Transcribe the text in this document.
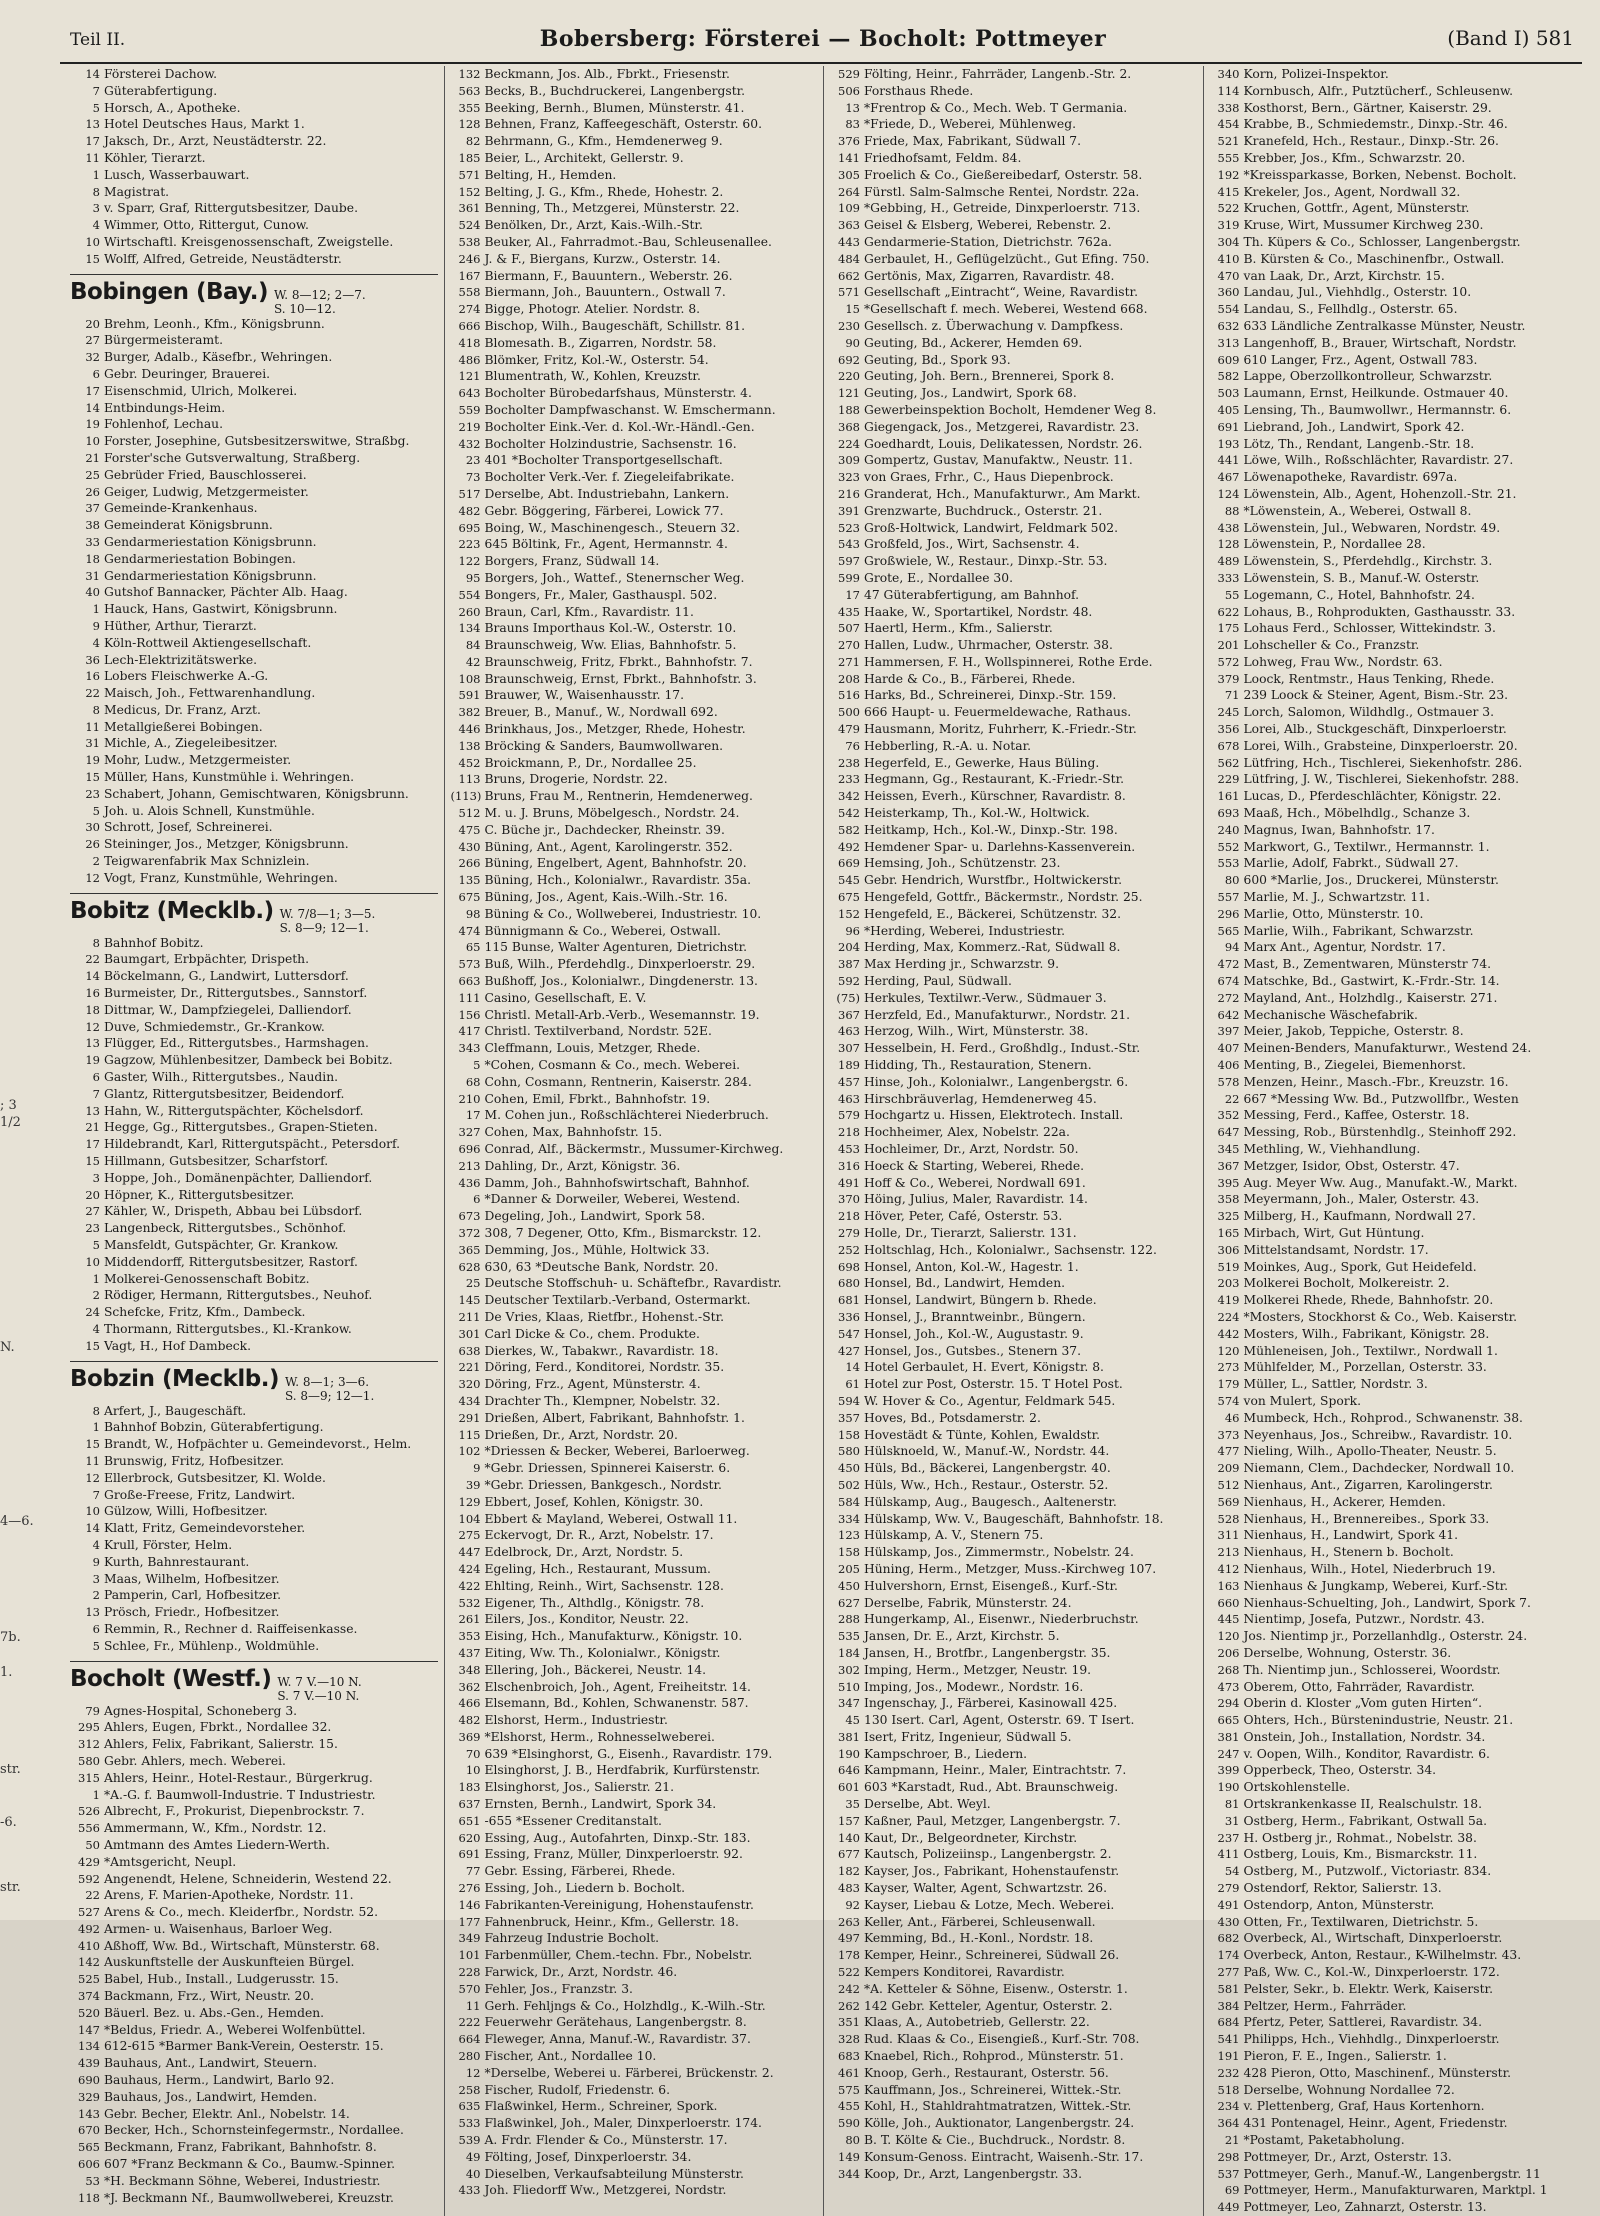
; 3
1/2
N.
4—6.
7b.
1.
str.
-6.
str.
Teil II.	Bobersberg: Försterei — Bocholt: Pottmeyer	(Band I) 581
14 Försterei Dachow.
7 Güterabfertigung.
5 Horsch, A., Apotheke.
13 Hotel Deutsches Haus, Markt 1.
17 Jaksch, Dr., Arzt, Neustädterstr. 22.
11 Köhler, Tierarzt.
1 Lusch, Wasserbauwart.
8 Magistrat.
3 v. Sparr, Graf, Rittergutsbesitzer, Daube.
4 Wimmer, Otto, Rittergut, Cunow.
10 Wirtschaftl. Kreisgenossenschaft, Zweigstelle.
15 Wolff, Alfred, Getreide, Neustädterstr.
Bobingen (Bay.) W. 8—12; 2—7.
S. 10—12.
20 Brehm, Leonh., Kfm., Königsbrunn.
27 Bürgermeisteramt.
32 Burger, Adalb., Käsefbr., Wehringen.
6 Gebr. Deuringer, Brauerei.
17 Eisenschmid, Ulrich, Molkerei.
14 Entbindungs-Heim.
19 Fohlenhof, Lechau.
10 Forster, Josephine, Gutsbesitzerswitwe, Straßbg.
21 Forster'sche Gutsverwaltung, Straßberg.
25 Gebrüder Fried, Bauschlosserei.
26 Geiger, Ludwig, Metzgermeister.
37 Gemeinde-Krankenhaus.
38 Gemeinderat Königsbrunn.
33 Gendarmeriestation Königsbrunn.
18 Gendarmeriestation Bobingen.
31 Gendarmeriestation Königsbrunn.
40 Gutshof Bannacker, Pächter Alb. Haag.
1 Hauck, Hans, Gastwirt, Königsbrunn.
9 Hüther, Arthur, Tierarzt.
4 Köln-Rottweil Aktiengesellschaft.
36 Lech-Elektrizitätswerke.
16 Lobers Fleischwerke A.-G.
22 Maisch, Joh., Fettwarenhandlung.
8 Medicus, Dr. Franz, Arzt.
11 Metallgießerei Bobingen.
31 Michle, A., Ziegeleibesitzer.
19 Mohr, Ludw., Metzgermeister.
15 Müller, Hans, Kunstmühle i. Wehringen.
23 Schabert, Johann, Gemischtwaren, Königsbrunn.
5 Joh. u. Alois Schnell, Kunstmühle.
30 Schrott, Josef, Schreinerei.
26 Steininger, Jos., Metzger, Königsbrunn.
2 Teigwarenfabrik Max Schnizlein.
12 Vogt, Franz, Kunstmühle, Wehringen.
Bobitz (Mecklb.) W. 7/8—1; 3—5.
S. 8—9; 12—1.
8 Bahnhof Bobitz.
22 Baumgart, Erbpächter, Drispeth.
14 Böckelmann, G., Landwirt, Luttersdorf.
16 Burmeister, Dr., Rittergutsbes., Sannstorf.
18 Dittmar, W., Dampfziegelei, Dalliendorf.
12 Duve, Schmiedemstr., Gr.-Krankow.
13 Flügger, Ed., Rittergutsbes., Harmshagen.
19 Gagzow, Mühlenbesitzer, Dambeck bei Bobitz.
6 Gaster, Wilh., Rittergutsbes., Naudin.
7 Glantz, Rittergutsbesitzer, Beidendorf.
13 Hahn, W., Rittergutspächter, Köchelsdorf.
21 Hegge, Gg., Rittergutsbes., Grapen-Stieten.
17 Hildebrandt, Karl, Rittergutspächt., Petersdorf.
15 Hillmann, Gutsbesitzer, Scharfstorf.
3 Hoppe, Joh., Domänenpächter, Dalliendorf.
20 Höpner, K., Rittergutsbesitzer.
27 Kähler, W., Drispeth, Abbau bei Lübsdorf.
23 Langenbeck, Rittergutsbes., Schönhof.
5 Mansfeldt, Gutspächter, Gr. Krankow.
10 Middendorff, Rittergutsbesitzer, Rastorf.
1 Molkerei-Genossenschaft Bobitz.
2 Rödiger, Hermann, Rittergutsbes., Neuhof.
24 Schefcke, Fritz, Kfm., Dambeck.
4 Thormann, Rittergutsbes., Kl.-Krankow.
15 Vagt, H., Hof Dambeck.
Bobzin (Mecklb.) W. 8—1; 3—6.
S. 8—9; 12—1.
8 Arfert, J., Baugeschäft.
1 Bahnhof Bobzin, Güterabfertigung.
15 Brandt, W., Hofpächter u. Gemeindevorst., Helm.
11 Brunswig, Fritz, Hofbesitzer.
12 Ellerbrock, Gutsbesitzer, Kl. Wolde.
7 Große-Freese, Fritz, Landwirt.
10 Gülzow, Willi, Hofbesitzer.
14 Klatt, Fritz, Gemeindevorsteher.
4 Krull, Förster, Helm.
9 Kurth, Bahnrestaurant.
3 Maas, Wilhelm, Hofbesitzer.
2 Pamperin, Carl, Hofbesitzer.
13 Prösch, Friedr., Hofbesitzer.
6 Remmin, R., Rechner d. Raiffeisenkasse.
5 Schlee, Fr., Mühlenp., Woldmühle.
Bocholt (Westf.) W. 7 V.—10 N.
S. 7 V.—10 N.
79 Agnes-Hospital, Schoneberg 3.
295 Ahlers, Eugen, Fbrkt., Nordallee 32.
312 Ahlers, Felix, Fabrikant, Salierstr. 15.
580 Gebr. Ahlers, mech. Weberei.
315 Ahlers, Heinr., Hotel-Restaur., Bürgerkrug.
1 *A.-G. f. Baumwoll-Industrie. T Industriestr.
526 Albrecht, F., Prokurist, Diepenbrockstr. 7.
556 Ammermann, W., Kfm., Nordstr. 12.
50 Amtmann des Amtes Liedern-Werth.
429 *Amtsgericht, Neupl.
592 Angenendt, Helene, Schneiderin, Westend 22.
22 Arens, F. Marien-Apotheke, Nordstr. 11.
527 Arens & Co., mech. Kleiderfbr., Nordstr. 52.
492 Armen- u. Waisenhaus, Barloer Weg.
410 Aßhoff, Ww. Bd., Wirtschaft, Münsterstr. 68.
142 Auskunftstelle der Auskunfteien Bürgel.
525 Babel, Hub., Install., Ludgerusstr. 15.
374 Backmann, Frz., Wirt, Neustr. 20.
520 Bäuerl. Bez. u. Abs.-Gen., Hemden.
147 *Beldus, Friedr. A., Weberei Wolfenbüttel.
134 612-615 *Barmer Bank-Verein, Oesterstr. 15.
439 Bauhaus, Ant., Landwirt, Steuern.
690 Bauhaus, Herm., Landwirt, Barlo 92.
329 Bauhaus, Jos., Landwirt, Hemden.
143 Gebr. Becher, Elektr. Anl., Nobelstr. 14.
670 Becker, Hch., Schornsteinfegermstr., Nordallee.
565 Beckmann, Franz, Fabrikant, Bahnhofstr. 8.
606 607 *Franz Beckmann & Co., Baumw.-Spinner.
53 *H. Beckmann Söhne, Weberei, Industriestr.
118 *J. Beckmann Nf., Baumwollweberei, Kreuzstr.
132 Beckmann, Jos. Alb., Fbrkt., Friesenstr.
563 Becks, B., Buchdruckerei, Langenbergstr.
355 Beeking, Bernh., Blumen, Münsterstr. 41.
128 Behnen, Franz, Kaffeegeschäft, Osterstr. 60.
82 Behrmann, G., Kfm., Hemdenerweg 9.
185 Beier, L., Architekt, Gellerstr. 9.
571 Belting, H., Hemden.
152 Belting, J. G., Kfm., Rhede, Hohestr. 2.
361 Benning, Th., Metzgerei, Münsterstr. 22.
524 Benölken, Dr., Arzt, Kais.-Wilh.-Str.
538 Beuker, Al., Fahrradmot.-Bau, Schleusenallee.
246 J. & F., Biergans, Kurzw., Osterstr. 14.
167 Biermann, F., Bauuntern., Weberstr. 26.
558 Biermann, Joh., Bauuntern., Ostwall 7.
274 Bigge, Photogr. Atelier. Nordstr. 8.
666 Bischop, Wilh., Baugeschäft, Schillstr. 81.
418 Blomesath. B., Zigarren, Nordstr. 58.
486 Blömker, Fritz, Kol.-W., Osterstr. 54.
121 Blumentrath, W., Kohlen, Kreuzstr.
643 Bocholter Bürobedarfshaus, Münsterstr. 4.
559 Bocholter Dampfwaschanst. W. Emschermann.
219 Bocholter Eink.-Ver. d. Kol.-Wr.-Händl.-Gen.
432 Bocholter Holzindustrie, Sachsenstr. 16.
23 401 *Bocholter Transportgesellschaft.
73 Bocholter Verk.-Ver. f. Ziegeleifabrikate.
517 Derselbe, Abt. Industriebahn, Lankern.
482 Gebr. Böggering, Färberei, Lowick 77.
695 Boing, W., Maschinengesch., Steuern 32.
223 645 Böltink, Fr., Agent, Hermannstr. 4.
122 Borgers, Franz, Südwall 14.
95 Borgers, Joh., Wattef., Stenernscher Weg.
554 Bongers, Fr., Maler, Gasthauspl. 502.
260 Braun, Carl, Kfm., Ravardistr. 11.
134 Brauns Importhaus Kol.-W., Osterstr. 10.
84 Braunschweig, Ww. Elias, Bahnhofstr. 5.
42 Braunschweig, Fritz, Fbrkt., Bahnhofstr. 7.
108 Braunschweig, Ernst, Fbrkt., Bahnhofstr. 3.
591 Brauwer, W., Waisenhausstr. 17.
382 Breuer, B., Manuf., W., Nordwall 692.
446 Brinkhaus, Jos., Metzger, Rhede, Hohestr.
138 Bröcking & Sanders, Baumwollwaren.
452 Broickmann, P., Dr., Nordallee 25.
113 Bruns, Drogerie, Nordstr. 22.
(113) Bruns, Frau M., Rentnerin, Hemdenerweg.
512 M. u. J. Bruns, Möbelgesch., Nordstr. 24.
475 C. Büche jr., Dachdecker, Rheinstr. 39.
430 Büning, Ant., Agent, Karolingerstr. 352.
266 Büning, Engelbert, Agent, Bahnhofstr. 20.
135 Büning, Hch., Kolonialwr., Ravardistr. 35a.
675 Büning, Jos., Agent, Kais.-Wilh.-Str. 16.
98 Büning & Co., Wollweberei, Industriestr. 10.
474 Bünnigmann & Co., Weberei, Ostwall.
65 115 Bunse, Walter Agenturen, Dietrichstr.
573 Buß, Wilh., Pferdehdlg., Dinxperloerstr. 29.
663 Bußhoff, Jos., Kolonialwr., Dingdenerstr. 13.
111 Casino, Gesellschaft, E. V.
156 Christl. Metall-Arb.-Verb., Wesemannstr. 19.
417 Christl. Textilverband, Nordstr. 52E.
343 Cleffmann, Louis, Metzger, Rhede.
5 *Cohen, Cosmann & Co., mech. Weberei.
68 Cohn, Cosmann, Rentnerin, Kaiserstr. 284.
210 Cohen, Emil, Fbrkt., Bahnhofstr. 19.
17 M. Cohen jun., Roßschlächterei Niederbruch.
327 Cohen, Max, Bahnhofstr. 15.
696 Conrad, Alf., Bäckermstr., Mussumer-Kirchweg.
213 Dahling, Dr., Arzt, Königstr. 36.
436 Damm, Joh., Bahnhofswirtschaft, Bahnhof.
6 *Danner & Dorweiler, Weberei, Westend.
673 Degeling, Joh., Landwirt, Spork 58.
372 308, 7 Degener, Otto, Kfm., Bismarckstr. 12.
365 Demming, Jos., Mühle, Holtwick 33.
628 630, 63 *Deutsche Bank, Nordstr. 20.
25 Deutsche Stoffschuh- u. Schäftefbr., Ravardistr.
145 Deutscher Textilarb.-Verband, Ostermarkt.
211 De Vries, Klaas, Rietfbr., Hohenst.-Str.
301 Carl Dicke & Co., chem. Produkte.
638 Dierkes, W., Tabakwr., Ravardistr. 18.
221 Döring, Ferd., Konditorei, Nordstr. 35.
320 Döring, Frz., Agent, Münsterstr. 4.
434 Drachter Th., Klempner, Nobelstr. 32.
291 Drießen, Albert, Fabrikant, Bahnhofstr. 1.
115 Drießen, Dr., Arzt, Nordstr. 20.
102 *Driessen & Becker, Weberei, Barloerweg.
9 *Gebr. Driessen, Spinnerei Kaiserstr. 6.
39 *Gebr. Driessen, Bankgesch., Nordstr.
129 Ebbert, Josef, Kohlen, Königstr. 30.
104 Ebbert & Mayland, Weberei, Ostwall 11.
275 Eckervogt, Dr. R., Arzt, Nobelstr. 17.
447 Edelbrock, Dr., Arzt, Nordstr. 5.
424 Egeling, Hch., Restaurant, Mussum.
422 Ehlting, Reinh., Wirt, Sachsenstr. 128.
532 Eigener, Th., Althdlg., Königstr. 78.
261 Eilers, Jos., Konditor, Neustr. 22.
353 Eising, Hch., Manufakturw., Königstr. 10.
437 Eiting, Ww. Th., Kolonialwr., Königstr.
348 Ellering, Joh., Bäckerei, Neustr. 14.
362 Elschenbroich, Joh., Agent, Freiheitstr. 14.
466 Elsemann, Bd., Kohlen, Schwanenstr. 587.
482 Elshorst, Herm., Industriestr.
369 *Elshorst, Herm., Rohnesselweberei.
70 639 *Elsinghorst, G., Eisenh., Ravardistr. 179.
10 Elsinghorst, J. B., Herdfabrik, Kurfürstenstr.
183 Elsinghorst, Jos., Salierstr. 21.
637 Ernsten, Bernh., Landwirt, Spork 34.
651 -655 *Essener Creditanstalt.
620 Essing, Aug., Autofahrten, Dinxp.-Str. 183.
691 Essing, Franz, Müller, Dinxperloerstr. 92.
77 Gebr. Essing, Färberei, Rhede.
276 Essing, Joh., Liedern b. Bocholt.
146 Fabrikanten-Vereinigung, Hohenstaufenstr.
177 Fahnenbruck, Heinr., Kfm., Gellerstr. 18.
349 Fahrzeug Industrie Bocholt.
101 Farbenmüller, Chem.-techn. Fbr., Nobelstr.
228 Farwick, Dr., Arzt, Nordstr. 46.
570 Fehler, Jos., Franzstr. 3.
11 Gerh. Fehljngs & Co., Holzhdlg., K.-Wilh.-Str.
222 Feuerwehr Gerätehaus, Langenbergstr. 8.
664 Fleweger, Anna, Manuf.-W., Ravardistr. 37.
280 Fischer, Ant., Nordallee 10.
12 *Derselbe, Weberei u. Färberei, Brückenstr. 2.
258 Fischer, Rudolf, Friedenstr. 6.
635 Flaßwinkel, Herm., Schreiner, Spork.
533 Flaßwinkel, Joh., Maler, Dinxperloerstr. 174.
539 A. Frdr. Flender & Co., Münsterstr. 17.
49 Fölting, Josef, Dinxperloerstr. 34.
40 Dieselben, Verkaufsabteilung Münsterstr.
433 Joh. Fliedorff Ww., Metzgerei, Nordstr.
529 Fölting, Heinr., Fahrräder, Langenb.-Str. 2.
506 Forsthaus Rhede.
13 *Frentrop & Co., Mech. Web. T Germania.
83 *Friede, D., Weberei, Mühlenweg.
376 Friede, Max, Fabrikant, Südwall 7.
141 Friedhofsamt, Feldm. 84.
305 Froelich & Co., Gießereibedarf, Osterstr. 58.
264 Fürstl. Salm-Salmsche Rentei, Nordstr. 22a.
109 *Gebbing, H., Getreide, Dinxperloerstr. 713.
363 Geisel & Elsberg, Weberei, Rebenstr. 2.
443 Gendarmerie-Station, Dietrichstr. 762a.
484 Gerbaulet, H., Geflügelzücht., Gut Efing. 750.
662 Gertönis, Max, Zigarren, Ravardistr. 48.
571 Gesellschaft „Eintracht“, Weine, Ravardistr.
15 *Gesellschaft f. mech. Weberei, Westend 668.
230 Gesellsch. z. Überwachung v. Dampfkess.
90 Geuting, Bd., Ackerer, Hemden 69.
692 Geuting, Bd., Spork 93.
220 Geuting, Joh. Bern., Brennerei, Spork 8.
121 Geuting, Jos., Landwirt, Spork 68.
188 Gewerbeinspektion Bocholt, Hemdener Weg 8.
368 Giegengack, Jos., Metzgerei, Ravardistr. 23.
224 Goedhardt, Louis, Delikatessen, Nordstr. 26.
309 Gompertz, Gustav, Manufaktw., Neustr. 11.
323 von Graes, Frhr., C., Haus Diepenbrock.
216 Granderat, Hch., Manufakturwr., Am Markt.
391 Grenzwarte, Buchdruck., Osterstr. 21.
523 Groß-Holtwick, Landwirt, Feldmark 502.
543 Großfeld, Jos., Wirt, Sachsenstr. 4.
597 Großwiele, W., Restaur., Dinxp.-Str. 53.
599 Grote, E., Nordallee 30.
17 47 Güterabfertigung, am Bahnhof.
435 Haake, W., Sportartikel, Nordstr. 48.
507 Haertl, Herm., Kfm., Salierstr.
270 Hallen, Ludw., Uhrmacher, Osterstr. 38.
271 Hammersen, F. H., Wollspinnerei, Rothe Erde.
208 Harde & Co., B., Färberei, Rhede.
516 Harks, Bd., Schreinerei, Dinxp.-Str. 159.
500 666 Haupt- u. Feuermeldewache, Rathaus.
479 Hausmann, Moritz, Fuhrherr, K.-Friedr.-Str.
76 Hebberling, R.-A. u. Notar.
238 Hegerfeld, E., Gewerke, Haus Büling.
233 Hegmann, Gg., Restaurant, K.-Friedr.-Str.
342 Heissen, Everh., Kürschner, Ravardistr. 8.
542 Heisterkamp, Th., Kol.-W., Holtwick.
582 Heitkamp, Hch., Kol.-W., Dinxp.-Str. 198.
492 Hemdener Spar- u. Darlehns-Kassenverein.
669 Hemsing, Joh., Schützenstr. 23.
545 Gebr. Hendrich, Wurstfbr., Holtwickerstr.
675 Hengefeld, Gottfr., Bäckermstr., Nordstr. 25.
152 Hengefeld, E., Bäckerei, Schützenstr. 32.
96 *Herding, Weberei, Industriestr.
204 Herding, Max, Kommerz.-Rat, Südwall 8.
387 Max Herding jr., Schwarzstr. 9.
592 Herding, Paul, Südwall.
(75) Herkules, Textilwr.-Verw., Südmauer 3.
367 Herzfeld, Ed., Manufakturwr., Nordstr. 21.
463 Herzog, Wilh., Wirt, Münsterstr. 38.
307 Hesselbein, H. Ferd., Großhdlg., Indust.-Str.
189 Hidding, Th., Restauration, Stenern.
457 Hinse, Joh., Kolonialwr., Langenbergstr. 6.
463 Hirschbräuverlag, Hemdenerweg 45.
579 Hochgartz u. Hissen, Elektrotech. Install.
218 Hochheimer, Alex, Nobelstr. 22a.
453 Hochleimer, Dr., Arzt, Nordstr. 50.
316 Hoeck & Starting, Weberei, Rhede.
491 Hoff & Co., Weberei, Nordwall 691.
370 Höing, Julius, Maler, Ravardistr. 14.
218 Höver, Peter, Café, Osterstr. 53.
279 Holle, Dr., Tierarzt, Salierstr. 131.
252 Holtschlag, Hch., Kolonialwr., Sachsenstr. 122.
698 Honsel, Anton, Kol.-W., Hagestr. 1.
680 Honsel, Bd., Landwirt, Hemden.
681 Honsel, Landwirt, Büngern b. Rhede.
336 Honsel, J., Branntweinbr., Büngern.
547 Honsel, Joh., Kol.-W., Augustastr. 9.
427 Honsel, Jos., Gutsbes., Stenern 37.
14 Hotel Gerbaulet, H. Evert, Königstr. 8.
61 Hotel zur Post, Osterstr. 15. T Hotel Post.
594 W. Hover & Co., Agentur, Feldmark 545.
357 Hoves, Bd., Potsdamerstr. 2.
158 Hovestädt & Tünte, Kohlen, Ewaldstr.
580 Hülsknoeld, W., Manuf.-W., Nordstr. 44.
450 Hüls, Bd., Bäckerei, Langenbergstr. 40.
502 Hüls, Ww., Hch., Restaur., Osterstr. 52.
584 Hülskamp, Aug., Baugesch., Aaltenerstr.
334 Hülskamp, Ww. V., Baugeschäft, Bahnhofstr. 18.
123 Hülskamp, A. V., Stenern 75.
158 Hülskamp, Jos., Zimmermstr., Nobelstr. 24.
205 Hüning, Herm., Metzger, Muss.-Kirchweg 107.
450 Hulvershorn, Ernst, Eisengeß., Kurf.-Str.
627 Derselbe, Fabrik, Münsterstr. 24.
288 Hungerkamp, Al., Eisenwr., Niederbruchstr.
535 Jansen, Dr. E., Arzt, Kirchstr. 5.
184 Jansen, H., Brotfbr., Langenbergstr. 35.
302 Imping, Herm., Metzger, Neustr. 19.
510 Imping, Jos., Modewr., Nordstr. 16.
347 Ingenschay, J., Färberei, Kasinowall 425.
45 130 Isert. Carl, Agent, Osterstr. 69. T Isert.
381 Isert, Fritz, Ingenieur, Südwall 5.
190 Kampschroer, B., Liedern.
646 Kampmann, Heinr., Maler, Eintrachtstr. 7.
601 603 *Karstadt, Rud., Abt. Braunschweig.
35 Derselbe, Abt. Weyl.
157 Kaßner, Paul, Metzger, Langenbergstr. 7.
140 Kaut, Dr., Belgeordneter, Kirchstr.
677 Kautsch, Polizeiinsp., Langenbergstr. 2.
182 Kayser, Jos., Fabrikant, Hohenstaufenstr.
483 Kayser, Walter, Agent, Schwartzstr. 26.
92 Kayser, Liebau & Lotze, Mech. Weberei.
263 Keller, Ant., Färberei, Schleusenwall.
497 Kemming, Bd., H.-Konl., Nordstr. 18.
178 Kemper, Heinr., Schreinerei, Südwall 26.
522 Kempers Konditorei, Ravardistr.
242 *A. Ketteler & Söhne, Eisenw., Osterstr. 1.
262 142 Gebr. Ketteler, Agentur, Osterstr. 2.
351 Klaas, A., Autobetrieb, Gellerstr. 22.
328 Rud. Klaas & Co., Eisengieß., Kurf.-Str. 708.
683 Knaebel, Rich., Rohprod., Münsterstr. 51.
461 Knoop, Gerh., Restaurant, Osterstr. 56.
575 Kauffmann, Jos., Schreinerei, Wittek.-Str.
455 Kohl, H., Stahldrahtmatratzen, Wittek.-Str.
590 Kölle, Joh., Auktionator, Langenbergstr. 24.
80 B. T. Költe & Cie., Buchdruck., Nordstr. 8.
149 Konsum-Genoss. Eintracht, Waisenh.-Str. 17.
344 Koop, Dr., Arzt, Langenbergstr. 33.
340 Korn, Polizei-Inspektor.
114 Kornbusch, Alfr., Putztücherf., Schleusenw.
338 Kosthorst, Bern., Gärtner, Kaiserstr. 29.
454 Krabbe, B., Schmiedemstr., Dinxp.-Str. 46.
521 Kranefeld, Hch., Restaur., Dinxp.-Str. 26.
555 Krebber, Jos., Kfm., Schwarzstr. 20.
192 *Kreissparkasse, Borken, Nebenst. Bocholt.
415 Krekeler, Jos., Agent, Nordwall 32.
522 Kruchen, Gottfr., Agent, Münsterstr.
319 Kruse, Wirt, Mussumer Kirchweg 230.
304 Th. Küpers & Co., Schlosser, Langenbergstr.
410 B. Kürsten & Co., Maschinenfbr., Ostwall.
470 van Laak, Dr., Arzt, Kirchstr. 15.
360 Landau, Jul., Viehhdlg., Osterstr. 10.
554 Landau, S., Fellhdlg., Osterstr. 65.
632 633 Ländliche Zentralkasse Münster, Neustr.
313 Langenhoff, B., Brauer, Wirtschaft, Nordstr.
609 610 Langer, Frz., Agent, Ostwall 783.
582 Lappe, Oberzollkontrolleur, Schwarzstr.
503 Laumann, Ernst, Heilkunde. Ostmauer 40.
405 Lensing, Th., Baumwollwr., Hermannstr. 6.
691 Liebrand, Joh., Landwirt, Spork 42.
193 Lötz, Th., Rendant, Langenb.-Str. 18.
441 Löwe, Wilh., Roßschlächter, Ravardistr. 27.
467 Löwenapotheke, Ravardistr. 697a.
124 Löwenstein, Alb., Agent, Hohenzoll.-Str. 21.
88 *Löwenstein, A., Weberei, Ostwall 8.
438 Löwenstein, Jul., Webwaren, Nordstr. 49.
128 Löwenstein, P., Nordallee 28.
489 Löwenstein, S., Pferdehdlg., Kirchstr. 3.
333 Löwenstein, S. B., Manuf.-W. Osterstr.
55 Logemann, C., Hotel, Bahnhofstr. 24.
622 Lohaus, B., Rohprodukten, Gasthausstr. 33.
175 Lohaus Ferd., Schlosser, Wittekindstr. 3.
201 Lohscheller & Co., Franzstr.
572 Lohweg, Frau Ww., Nordstr. 63.
379 Loock, Rentmstr., Haus Tenking, Rhede.
71 239 Loock & Steiner, Agent, Bism.-Str. 23.
245 Lorch, Salomon, Wildhdlg., Ostmauer 3.
356 Lorei, Alb., Stuckgeschäft, Dinxperloerstr.
678 Lorei, Wilh., Grabsteine, Dinxperloerstr. 20.
562 Lütfring, Hch., Tischlerei, Siekenhofstr. 286.
229 Lütfring, J. W., Tischlerei, Siekenhofstr. 288.
161 Lucas, D., Pferdeschlächter, Königstr. 22.
693 Maaß, Hch., Möbelhdlg., Schanze 3.
240 Magnus, Iwan, Bahnhofstr. 17.
552 Markwort, G., Textilwr., Hermannstr. 1.
553 Marlie, Adolf, Fabrkt., Südwall 27.
80 600 *Marlie, Jos., Druckerei, Münsterstr.
557 Marlie, M. J., Schwartzstr. 11.
296 Marlie, Otto, Münsterstr. 10.
565 Marlie, Wilh., Fabrikant, Schwarzstr.
94 Marx Ant., Agentur, Nordstr. 17.
472 Mast, B., Zementwaren, Münsterstr 74.
674 Matschke, Bd., Gastwirt, K.-Frdr.-Str. 14.
272 Mayland, Ant., Holzhdlg., Kaiserstr. 271.
642 Mechanische Wäschefabrik.
397 Meier, Jakob, Teppiche, Osterstr. 8.
407 Meinen-Benders, Manufakturwr., Westend 24.
406 Menting, B., Ziegelei, Biemenhorst.
578 Menzen, Heinr., Masch.-Fbr., Kreuzstr. 16.
22 667 *Messing Ww. Bd., Putzwollfbr., Westen
352 Messing, Ferd., Kaffee, Osterstr. 18.
647 Messing, Rob., Bürstenhdlg., Steinhoff 292.
345 Methling, W., Viehhandlung.
367 Metzger, Isidor, Obst, Osterstr. 47.
395 Aug. Meyer Ww. Aug., Manufakt.-W., Markt.
358 Meyermann, Joh., Maler, Osterstr. 43.
325 Milberg, H., Kaufmann, Nordwall 27.
165 Mirbach, Wirt, Gut Hüntung.
306 Mittelstandsamt, Nordstr. 17.
519 Moinkes, Aug., Spork, Gut Heidefeld.
203 Molkerei Bocholt, Molkereistr. 2.
419 Molkerei Rhede, Rhede, Bahnhofstr. 20.
224 *Mosters, Stockhorst & Co., Web. Kaiserstr.
442 Mosters, Wilh., Fabrikant, Königstr. 28.
120 Mühleneisen, Joh., Textilwr., Nordwall 1.
273 Mühlfelder, M., Porzellan, Osterstr. 33.
179 Müller, L., Sattler, Nordstr. 3.
574 von Mulert, Spork.
46 Mumbeck, Hch., Rohprod., Schwanenstr. 38.
373 Neyenhaus, Jos., Schreibw., Ravardistr. 10.
477 Nieling, Wilh., Apollo-Theater, Neustr. 5.
209 Niemann, Clem., Dachdecker, Nordwall 10.
512 Nienhaus, Ant., Zigarren, Karolingerstr.
569 Nienhaus, H., Ackerer, Hemden.
528 Nienhaus, H., Brennereibes., Spork 33.
311 Nienhaus, H., Landwirt, Spork 41.
213 Nienhaus, H., Stenern b. Bocholt.
412 Nienhaus, Wilh., Hotel, Niederbruch 19.
163 Nienhaus & Jungkamp, Weberei, Kurf.-Str.
660 Nienhaus-Schuelting, Joh., Landwirt, Spork 7.
445 Nientimp, Josefa, Putzwr., Nordstr. 43.
120 Jos. Nientimp jr., Porzellanhdlg., Osterstr. 24.
206 Derselbe, Wohnung, Osterstr. 36.
268 Th. Nientimp jun., Schlosserei, Woordstr.
473 Oberem, Otto, Fahrräder, Ravardistr.
294 Oberin d. Kloster „Vom guten Hirten“.
665 Ohters, Hch., Bürstenindustrie, Neustr. 21.
381 Onstein, Joh., Installation, Nordstr. 34.
247 v. Oopen, Wilh., Konditor, Ravardistr. 6.
399 Opperbeck, Theo, Osterstr. 34.
190 Ortskohlenstelle.
81 Ortskrankenkasse II, Realschulstr. 18.
31 Ostberg, Herm., Fabrikant, Ostwall 5a.
237 H. Ostberg jr., Rohmat., Nobelstr. 38.
411 Ostberg, Louis, Km., Bismarckstr. 11.
54 Ostberg, M., Putzwolf., Victoriastr. 834.
279 Ostendorf, Rektor, Salierstr. 13.
491 Ostendorp, Anton, Münsterstr.
430 Otten, Fr., Textilwaren, Dietrichstr. 5.
682 Overbeck, Al., Wirtschaft, Dinxperloerstr.
174 Overbeck, Anton, Restaur., K-Wilhelmstr. 43.
277 Paß, Ww. C., Kol.-W., Dinxperloerstr. 172.
581 Pelster, Sekr., b. Elektr. Werk, Kaiserstr.
384 Peltzer, Herm., Fahrräder.
684 Pfertz, Peter, Sattlerei, Ravardistr. 34.
541 Philipps, Hch., Viehhdlg., Dinxperloerstr.
191 Pieron, F. E., Ingen., Salierstr. 1.
232 428 Pieron, Otto, Maschinenf., Münsterstr.
518 Derselbe, Wohnung Nordallee 72.
234 v. Plettenberg, Graf, Haus Kortenhorn.
364 431 Pontenagel, Heinr., Agent, Friedenstr.
21 *Postamt, Paketabholung.
298 Pottmeyer, Dr., Arzt, Osterstr. 13.
537 Pottmeyer, Gerh., Manuf.-W., Langenbergstr. 11
69 Pottmeyer, Herm., Manufakturwaren, Marktpl. 1
449 Pottmeyer, Leo, Zahnarzt, Osterstr. 13.
